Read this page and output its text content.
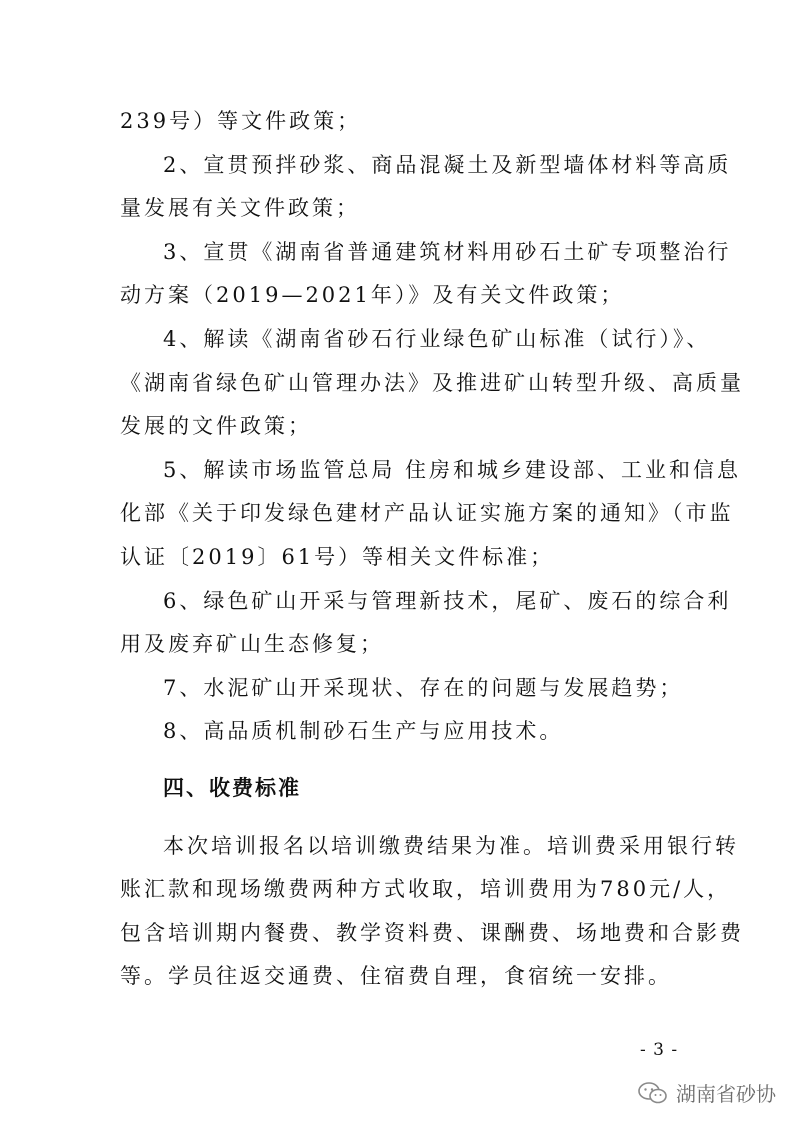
239号）等文件政策；
2、宣贯预拌砂浆、商品混凝土及新型墙体材料等高质
量发展有关文件政策；
3、宣贯《湖南省普通建筑材料用砂石土矿专项整治行
动方案（2019—2021年）》及有关文件政策；
4、解读《湖南省砂石行业绿色矿山标准（试行）》、
《湖南省绿色矿山管理办法》及推进矿山转型升级、高质量
发展的文件政策；
5、解读市场监管总局 住房和城乡建设部、工业和信息
化部《关于印发绿色建材产品认证实施方案的通知》（市监
认证〔2019〕61号）等相关文件标准；
6、绿色矿山开采与管理新技术，尾矿、废石的综合利
用及废弃矿山生态修复；
7、水泥矿山开采现状、存在的问题与发展趋势；
8、高品质机制砂石生产与应用技术。
四、收费标准
本次培训报名以培训缴费结果为准。培训费采用银行转
账汇款和现场缴费两种方式收取，培训费用为780元/人，
包含培训期内餐费、教学资料费、课酬费、场地费和合影费
等。学员往返交通费、住宿费自理，食宿统一安排。
- 3 -
湖南省砂协
